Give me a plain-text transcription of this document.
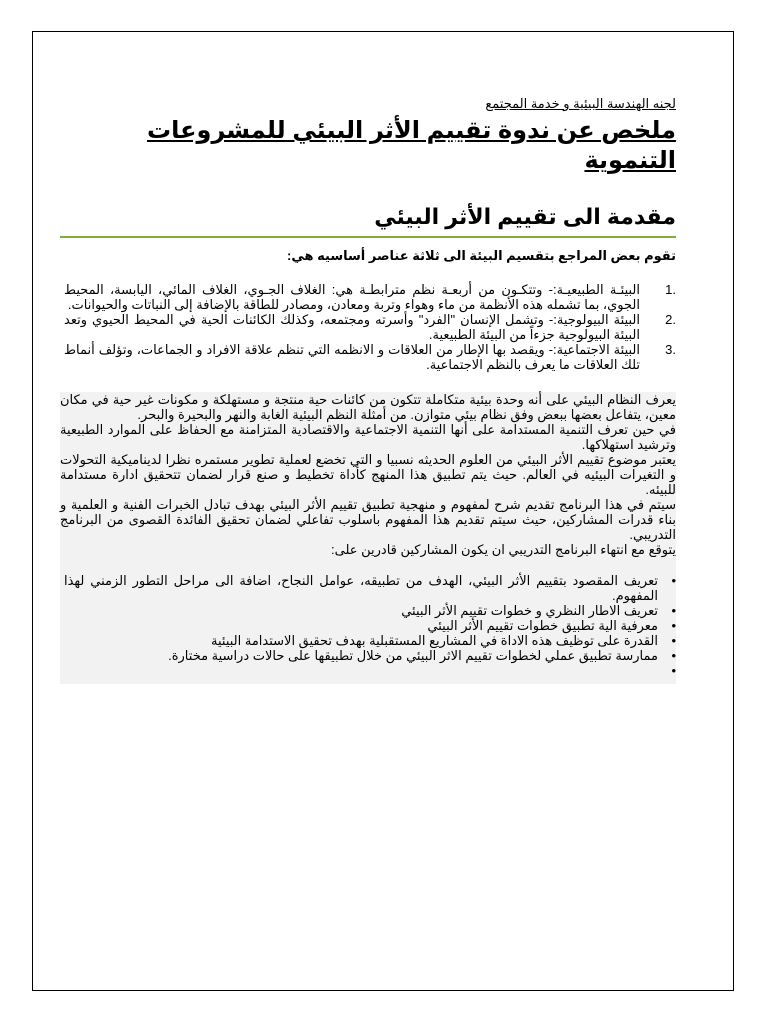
لجنه الهندسة البيئية و خدمة المجتمع
ملخص عن ندوة تقييم الأثر البيئي للمشروعات التنموية
مقدمة الى تقييم الأثر البيئي
تقوم بعض المراجع بتقسيم البيئة الى ثلاثة عناصر أساسيه هي:
1.
البيئـة الطبيعيـة:- وتتكـون من أربعـة نظم مترابطـة هي: الغلاف الجـوي، الغلاف المائي، اليابسة، المحيط الجوي، بما تشمله هذه الأنظمة من ماء وهواء وتربة ومعادن، ومصادر للطاقة بالإضافة إلى النباتات والحيوانات.
2.
البيئة البيولوجية:- وتشمل الإنسان "الفرد" وأسرته ومجتمعه، وكذلك الكائنات الحية في المحيط الحيوي وتعد البيئة البيولوجية جزءاً من البيئة الطبيعية.
3.
البيئة الاجتماعية:- ويقصد بها الإطار من العلاقات و الانظمه التي تنظم علاقة الافراد و الجماعات، وتؤلف أنماط تلك العلاقات ما يعرف بالنظم الاجتماعية.

يعرف النظام البيئي على أنه وحدة بيئية متكاملة تتكون من كائنات حية منتجة و مستهلكة و مكونات غير حية في مكان معين، يتفاعل بعضها ببعض وفق نظام بيئي متوازن. من أمثلة النظم البيئية الغابة والنهر والبحيرة والبحر.

في حين تعرف التنمية المستدامة على أنها التنمية الاجتماعية والاقتصادية المتزامنة مع الحفاظ على الموارد الطبيعية وترشيد استهلاكها.

يعتبر موضوع تقييم الأثر البيئي من العلوم الحديثه نسبيا و التي تخضع لعملية تطوير مستمره نظرا لديناميكية التحولات و التغيرات البيئيه في العالم. حيث يتم تطبيق هذا المنهج كأداة تخطيط و صنع قرار لضمان تتحقيق ادارة مستدامة للبيئه.

سيتم في هذا البرنامج تقديم شرح لمفهوم و منهجية تطبيق تقييم الأثر البيئي بهدف تبادل الخبرات الفنية و العلمية و بناء قدرات المشاركين، حيث سيتم تقديم هذا المفهوم باسلوب تفاعلي لضمان تحقيق الفائدة القصوى من البرنامج التدريبي.

يتوقع مع انتهاء البرنامج التدريبي ان يكون المشاركين قادرين على:

•
تعريف المقصود بتقييم الأثر البيئي، الهدف من تطبيقه، عوامل النجاح، اضافة الى مراحل التطور الزمني لهذا المفهوم.
•
تعريف الاطار النظري و خطوات تقييم الأثر البيئي
•
معرفية الية تطبيق خطوات تقييم الأثر البيئي
•
القدرة على توظيف هذه الاداة في المشاريع المستقبلية بهدف تحقيق الاستدامة البيئية
•
ممارسة تطبيق عملي لخطوات تقييم الاثر البيئي من خلال تطبيقها على حالات دراسية مختارة.
•
